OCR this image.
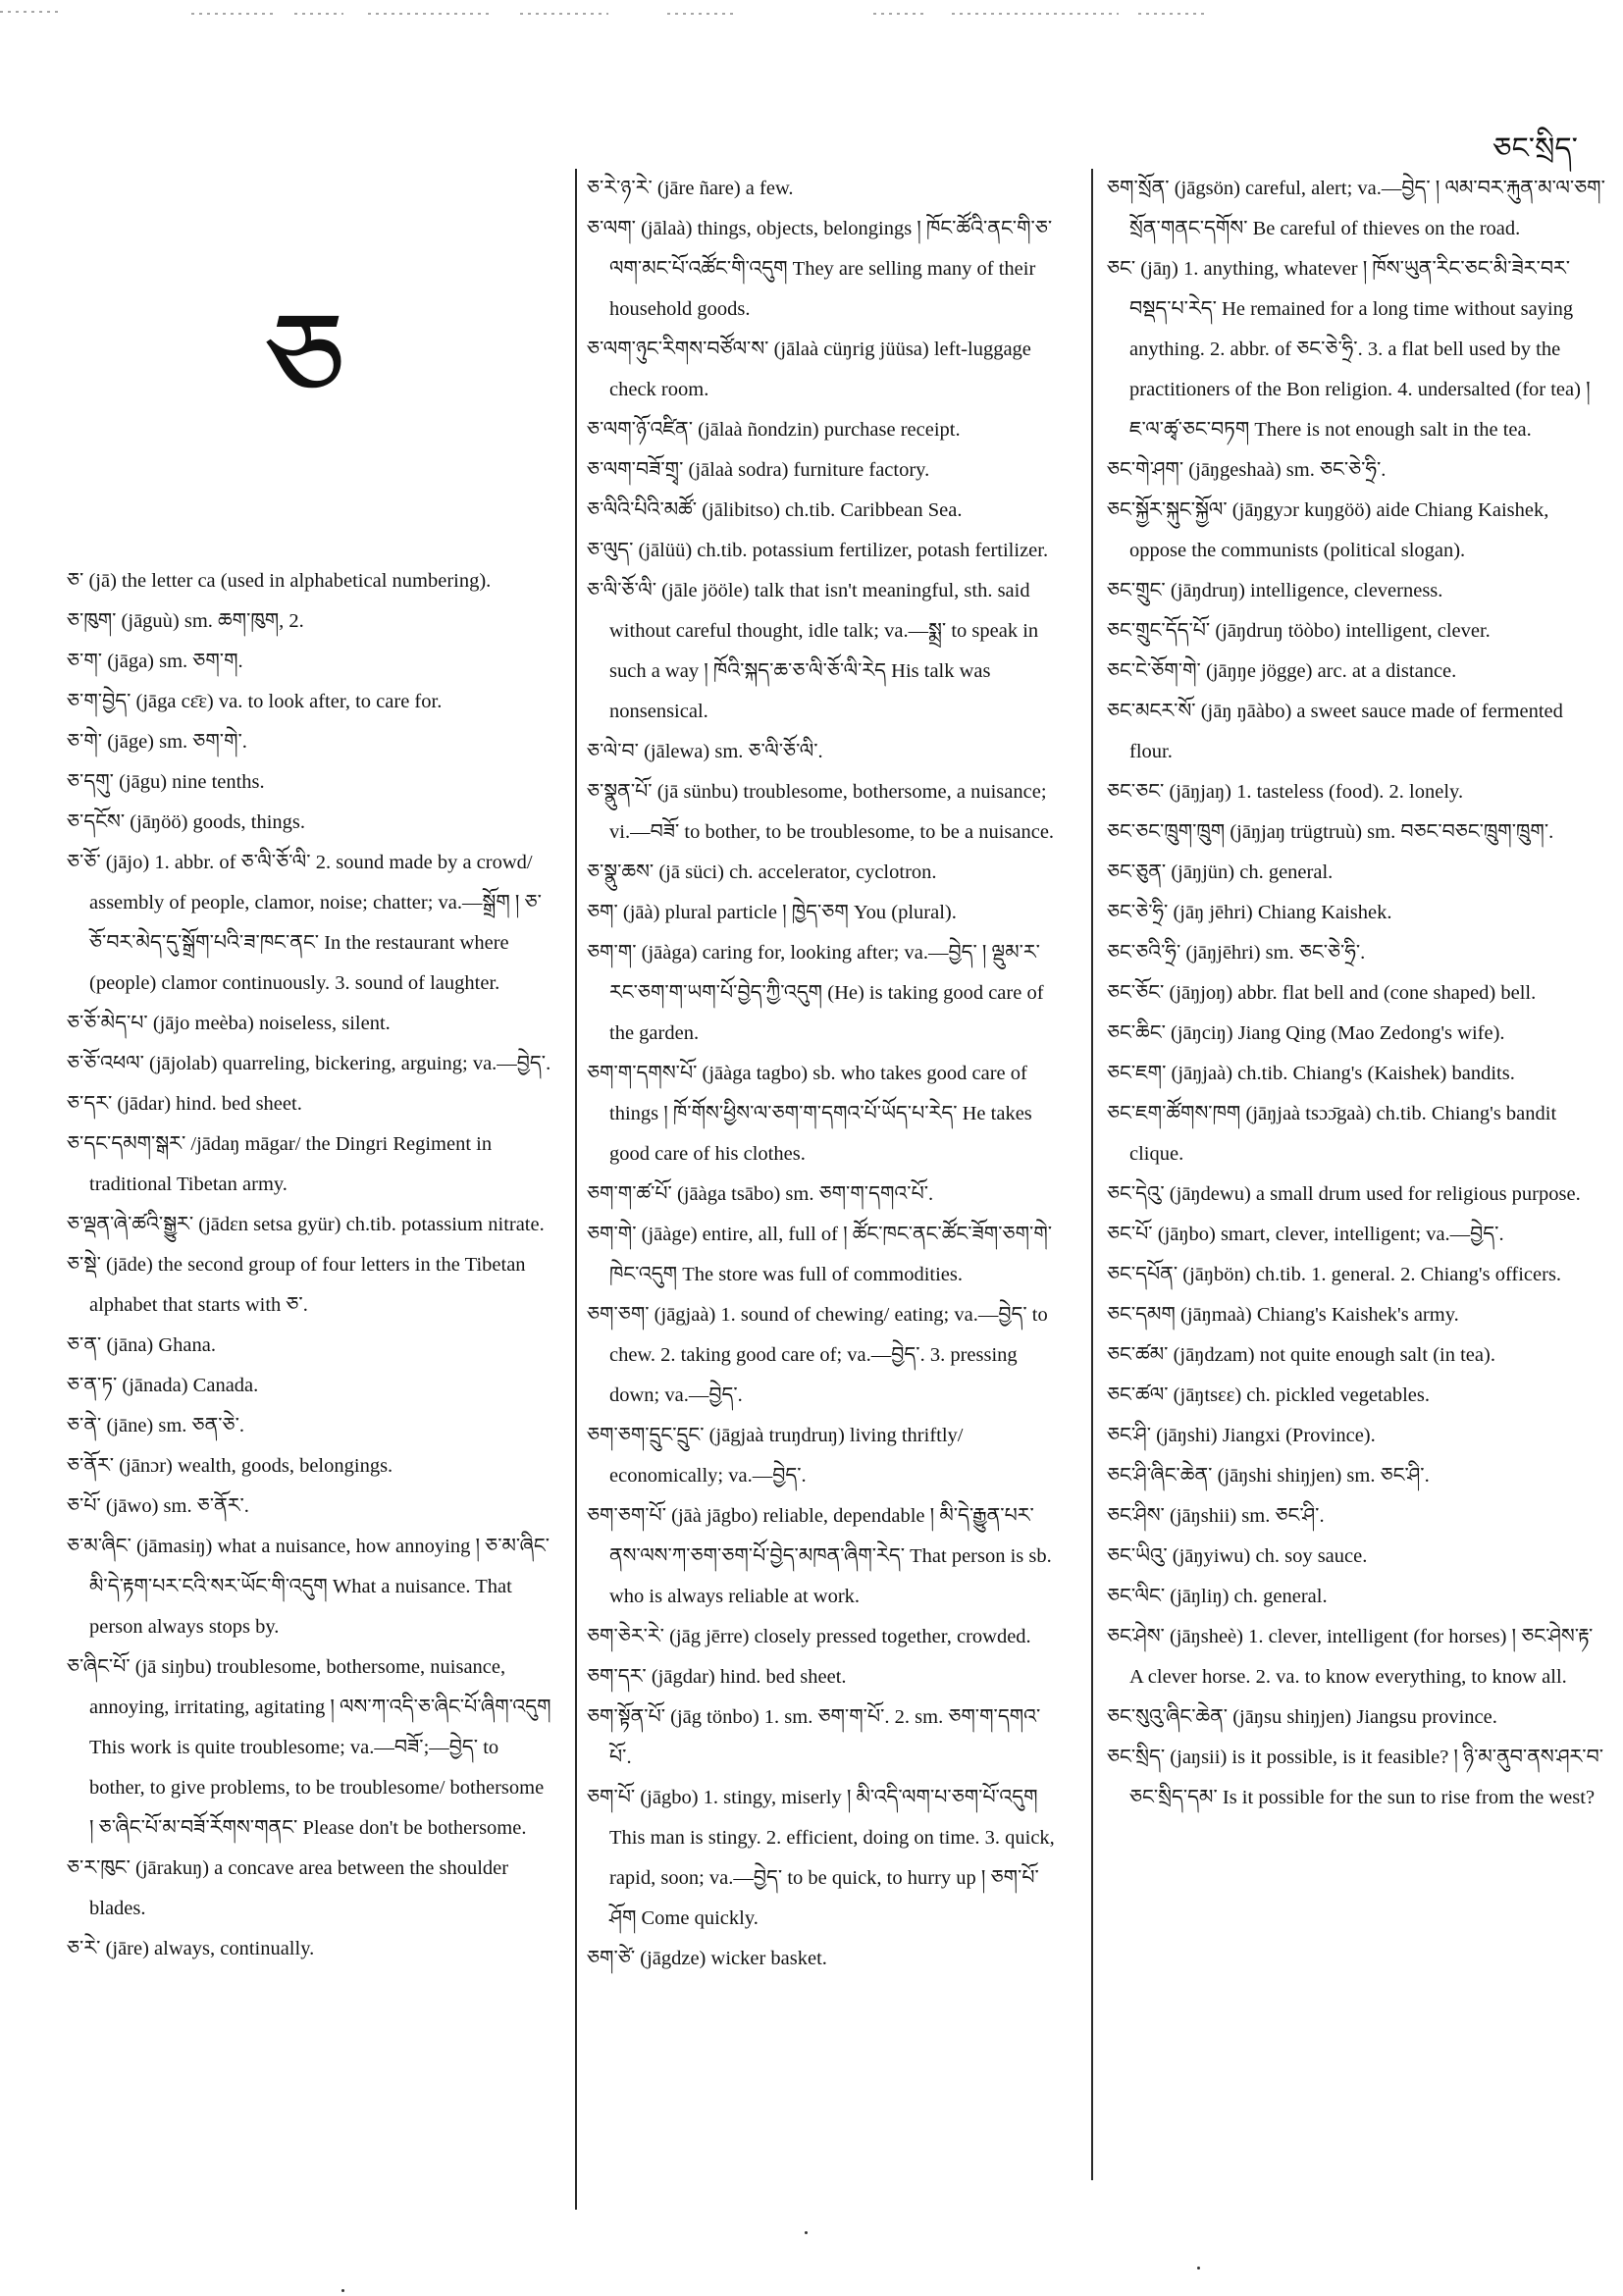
ཅང་སྲིད་
ཅ

ཅ་ (jā) the letter ca (used in alphabetical numbering).

ཅ་ཁུག་ (jāguù) sm. ཆག་ཁུག, 2.

ཅ་ག་ (jāga) sm. ཅག་ག.

ཅ་ག་བྱེད་ (jāga cɛ̄ɛ) va. to look after, to care for.

ཅ་གེ་ (jāge) sm. ཅག་གེ་.

ཅ་དགུ་ (jāgu) nine tenths.

ཅ་དངོས་ (jāŋöö) goods, things.

ཅ་ཅོ་ (jājo) 1. abbr. of ཅ་ལི་ཅོ་ལི་ 2. sound made by a crowd/ assembly of people, clamor, noise; chatter; va.—སྒྲོག ། ཅ་ཅོ་བར་མེད་དུ་སྒྲོག་པའི་ཟ་ཁང་ནང་ In the restaurant where (people) clamor continuously. 3. sound of laughter.

ཅ་ཅོ་མེད་པ་ (jājo meèba) noiseless, silent.

ཅ་ཅོ་འཕལ་ (jājolab) quarreling, bickering, arguing; va.—བྱེད་.

ཅ་དར་ (jādar) hind. bed sheet.

ཅ་དང་དམག་སྒར་ /jādaŋ māgar/ the Dingri Regiment in traditional Tibetan army.

ཅ་ལྡན་ཞེ་ཚའི་སྒྱུར་ (jādɛn setsa gyür) ch.tib. potassium nitrate.

ཅ་སྡེ་ (jāde) the second group of four letters in the Tibetan alphabet that starts with ཅ་.

ཅ་ན་ (jāna) Ghana.

ཅ་ན་ཏ་ (jānada) Canada.

ཅ་ནེ་ (jāne) sm. ཅན་ཅེ་.

ཅ་ནོར་ (jānɔr) wealth, goods, belongings.

ཅ་པོ་ (jāwo) sm. ཅ་ནོར་.

ཅ་མ་ཞིང་ (jāmasiŋ) what a nuisance, how annoying ། ཅ་མ་ཞིང་མི་དེ་རྟག་པར་ངའི་སར་ཡོང་གི་འདུག What a nuisance. That person always stops by.

ཅ་ཞིང་པོ་ (jā siŋbu) troublesome, bothersome, nuisance, annoying, irritating, agitating ། ལས་ཀ་འདི་ཅ་ཞིང་པོ་ཞིག་འདུག This work is quite troublesome; va.—བཟོ་;—བྱེད་ to bother, to give problems, to be troublesome/ bothersome ། ཅ་ཞིང་པོ་མ་བཟོ་རོགས་གནང་ Please don't be bothersome.

ཅ་ར་ཁུང་ (jārakuŋ) a concave area between the shoulder blades.

ཅ་རེ་ (jāre) always, continually.

ཅ་རེ་ཉ་རེ་ (jāre ñare) a few.

ཅ་ལག་ (jālaà) things, objects, belongings ། ཁོང་ཚོའི་ནང་གི་ཅ་ལག་མང་པོ་འཚོང་གི་འདུག They are selling many of their household goods.

ཅ་ལག་ཉུང་རིགས་བཙོལ་ས་ (jālaà cüŋrig jüüsa) left-luggage check room.

ཅ་ལག་ཉོ་འཛིན་ (jālaà ñondzin) purchase receipt.

ཅ་ལག་བཟོ་གྲྭ་ (jālaà sodra) furniture factory.

ཅ་ལིའི་པིའི་མཚོ་ (jālibitso) ch.tib. Caribbean Sea.

ཅ་ལུད་ (jālüü) ch.tib. potassium fertilizer, potash fertilizer.

ཅ་ལི་ཅོ་ལི་ (jāle jööle) talk that isn't meaningful, sth. said without careful thought, idle talk; va.—སྨྲ་ to speak in such a way ། ཁོའི་སྐད་ཆ་ཅ་ལི་ཅོ་ལི་རེད His talk was nonsensical.

ཅ་ལེ་བ་ (jālewa) sm. ཅ་ལི་ཅོ་ལི་.

ཅ་སྣུན་པོ་ (jā sünbu) troublesome, bothersome, a nuisance; vi.—བཟོ་ to bother, to be troublesome, to be a nuisance.

ཅ་སྣུ་ཆས་ (jā süci) ch. accelerator, cyclotron.

ཅག་ (jāà) plural particle ། ཁྱེད་ཅག You (plural).

ཅག་ག་ (jāàga) caring for, looking after; va.—བྱེད་ ། ལྡུམ་ར་རང་ཅག་ག་ཡག་པོ་བྱེད་ཀྱི་འདུག (He) is taking good care of the garden.

ཅག་ག་དགས་པོ་ (jāàga tagbo) sb. who takes good care of things ། ཁོ་གོས་ཕྱིས་ལ་ཅག་ག་དགའ་པོ་ཡོད་པ་རེད་ He takes good care of his clothes.

ཅག་ག་ཚ་པོ་ (jāàga tsābo) sm. ཅག་ག་དགའ་པོ་.

ཅག་གེ་ (jāàge) entire, all, full of ། ཚོང་ཁང་ནང་ཚོང་ཟོག་ཅག་གེ་ཁེང་འདུག The store was full of commodities.

ཅག་ཅག་ (jāgjaà) 1. sound of chewing/ eating; va.—བྱེད་ to chew. 2. taking good care of; va.—བྱེད་. 3. pressing down; va.—བྱེད་.

ཅག་ཅག་དྲུང་དྲུང་ (jāgjaà truŋdruŋ) living thriftly/ economically; va.—བྱེད་.

ཅག་ཅག་པོ་ (jāà jāgbo) reliable, dependable ། མི་དེ་རྒྱུན་པར་ནས་ལས་ཀ་ཅག་ཅག་པོ་བྱེད་མཁན་ཞིག་རེད་ That person is sb. who is always reliable at work.

ཅག་ཅེར་རེ་ (jāg jērre) closely pressed together, crowded.

ཅག་དར་ (jāgdar) hind. bed sheet.

ཅག་སྟོན་པོ་ (jāg tönbo) 1. sm. ཅག་ག་པོ་. 2. sm. ཅག་ག་དགའ་པོ་.

ཅག་པོ་ (jāgbo) 1. stingy, miserly ། མི་འདི་ལག་པ་ཅག་པོ་འདུག This man is stingy. 2. efficient, doing on time. 3. quick, rapid, soon; va.—བྱེད་ to be quick, to hurry up ། ཅག་པོ་ཤོག Come quickly.

ཅག་ཙེ་ (jāgdze) wicker basket.

ཅག་སྲོན་ (jāgsön) careful, alert; va.—བྱེད་ ། ལམ་བར་རྐུན་མ་ལ་ཅག་སྲོན་གནང་དགོས་ Be careful of thieves on the road.

ཅང་ (jāŋ) 1. anything, whatever ། ཁོས་ཡུན་རིང་ཅང་མི་ཟེར་བར་བསྡད་པ་རེད་ He remained for a long time without saying anything. 2. abbr. of ཅང་ཅེ་ཧྲི་. 3. a flat bell used by the practitioners of the Bon religion. 4. undersalted (for tea) ། ཇ་ལ་ཚྭ་ཅང་བཏག There is not enough salt in the tea.

ཅང་གེ་ཤག་ (jāŋgeshaà) sm. ཅང་ཅེ་ཧྲི་.

ཅང་སྐྱོར་སྐུང་སྐྱོལ་ (jāŋgyɔr kuŋgöö) aide Chiang Kaishek, oppose the communists (political slogan).

ཅང་གྲུང་ (jāŋdruŋ) intelligence, cleverness.

ཅང་གྲུང་དོད་པོ་ (jāŋdruŋ töòbo) intelligent, clever.

ཅང་ངེ་ཅོག་གེ་ (jāŋŋe jögge) arc. at a distance.

ཅང་མངར་སོ་ (jāŋ ŋāàbo) a sweet sauce made of fermented flour.

ཅང་ཅང་ (jāŋjaŋ) 1. tasteless (food). 2. lonely.

ཅང་ཅང་ཁྲུག་ཁྲུག (jāŋjaŋ trügtruù) sm. བཅང་བཅང་ཁྲུག་ཁྲུག་.

ཅང་ཅུན་ (jāŋjün) ch. general.

ཅང་ཅེ་ཧྲི་ (jāŋ jēhri) Chiang Kaishek.

ཅང་ཅའི་ཧྲི་ (jāŋjēhri) sm. ཅང་ཅེ་ཧྲི་.

ཅང་ཅོང་ (jāŋjoŋ) abbr. flat bell and (cone shaped) bell.

ཅང་ཆིང་ (jāŋciŋ) Jiang Qing (Mao Zedong's wife).

ཅང་ཇག་ (jāŋjaà) ch.tib. Chiang's (Kaishek) bandits.

ཅང་ཇག་ཚོགས་ཁག (jāŋjaà tsɔɔ̄gaà) ch.tib. Chiang's bandit clique.

ཅང་དེའུ་ (jāŋdewu) a small drum used for religious purpose.

ཅང་པོ་ (jāŋbo) smart, clever, intelligent; va.—བྱེད་.

ཅང་དཔོན་ (jāŋbön) ch.tib. 1. general. 2. Chiang's officers.

ཅང་དམག (jāŋmaà) Chiang's Kaishek's army.

ཅང་ཚམ་ (jāŋdzam) not quite enough salt (in tea).

ཅང་ཚལ་ (jāŋtsɛɛ) ch. pickled vegetables.

ཅང་ཤི་ (jāŋshi) Jiangxi (Province).

ཅང་ཤི་ཞིང་ཆེན་ (jāŋshi shiŋjen) sm. ཅང་ཤི་.

ཅང་ཤིས་ (jāŋshii) sm. ཅང་ཤི་.

ཅང་ཡིའུ་ (jāŋyiwu) ch. soy sauce.

ཅང་ལིང་ (jāŋliŋ) ch. general.

ཅང་ཤེས་ (jāŋsheè) 1. clever, intelligent (for horses) ། ཅང་ཤེས་རྟ་ A clever horse. 2. va. to know everything, to know all.

ཅང་སུའུ་ཞིང་ཆེན་ (jāŋsu shiŋjen) Jiangsu province.

ཅང་སྲིད་ (jaŋsii) is it possible, is it feasible? ། ཉི་མ་ནུབ་ནས་ཤར་བ་ཅང་སྲིད་དམ་ Is it possible for the sun to rise from the west?
